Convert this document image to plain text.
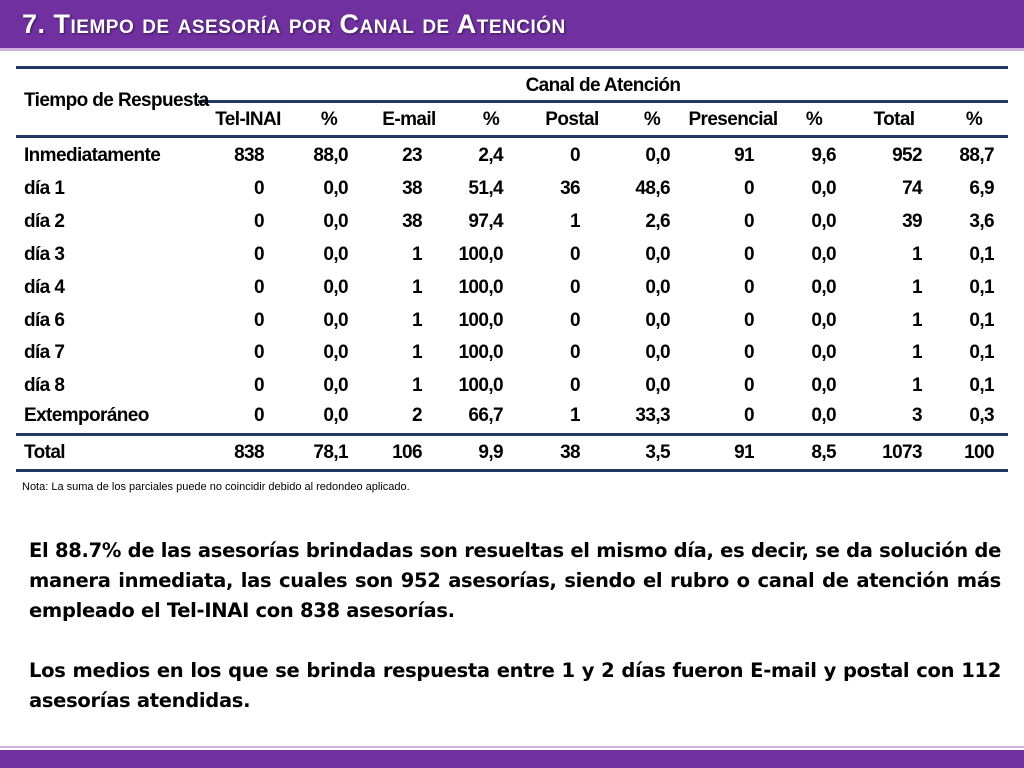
7. Tiempo de asesoría por Canal de Atención
Tiempo de Respuesta
Canal de Atención
Tel-INAI	%	E-mail	%	Postal	%	Presencial	%	Total	%
Inmediatamente	838	88,0	23	2,4	0	0,0	91	9,6	952	88,7
día 1	0	0,0	38	51,4	36	48,6	0	0,0	74	6,9
día 2	0	0,0	38	97,4	1	2,6	0	0,0	39	3,6
día 3	0	0,0	1	100,0	0	0,0	0	0,0	1	0,1
día 4	0	0,0	1	100,0	0	0,0	0	0,0	1	0,1
día 6	0	0,0	1	100,0	0	0,0	0	0,0	1	0,1
día 7	0	0,0	1	100,0	0	0,0	0	0,0	1	0,1
día 8	0	0,0	1	100,0	0	0,0	0	0,0	1	0,1
Extemporáneo	0	0,0	2	66,7	1	33,3	0	0,0	3	0,3
Total	838	78,1	106	9,9	38	3,5	91	8,5	1073	100
Nota: La suma de los parciales puede no coincidir debido al redondeo aplicado.
El 88.7% de las asesorías brindadas son resueltas el mismo día, es decir, se da solución de manera inmediata, las cuales son 952 asesorías, siendo el rubro o canal de atención más empleado el Tel-INAI con 838 asesorías.
Los medios en los que se brinda respuesta entre 1 y 2 días fueron E-mail y postal con 112 asesorías atendidas.
